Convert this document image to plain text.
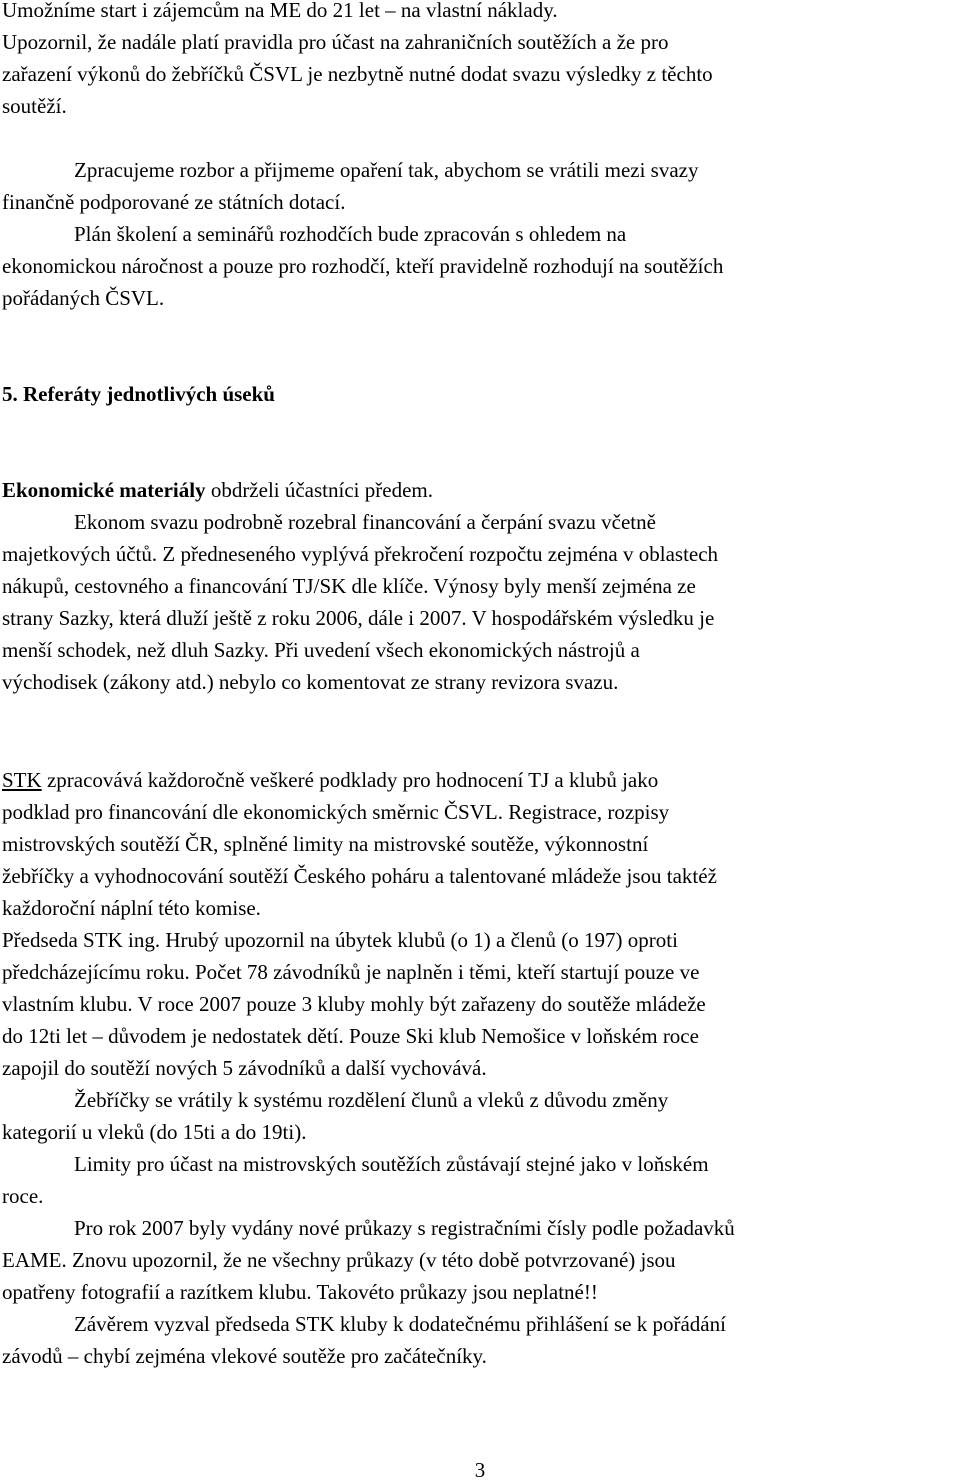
Umožníme start i zájemcům na ME do 21 let – na vlastní náklady.
Upozornil, že nadále platí pravidla pro účast na zahraničních soutěžích a že pro
zařazení výkonů do žebříčků ČSVL je nezbytně nutné dodat svazu výsledky z těchto
soutěží.
Zpracujeme rozbor a přijmeme opaření tak, abychom se vrátili mezi svazy
finančně podporované ze státních dotací.
Plán školení a seminářů rozhodčích bude zpracován s ohledem na
ekonomickou náročnost a pouze pro rozhodčí, kteří pravidelně rozhodují na soutěžích
pořádaných ČSVL.
5. Referáty jednotlivých úseků
Ekonomické materiály obdrželi účastníci předem.
Ekonom svazu podrobně rozebral financování a čerpání svazu včetně
majetkových účtů. Z předneseného vyplývá překročení rozpočtu zejména v oblastech
nákupů, cestovného a financování TJ/SK dle klíče. Výnosy byly menší zejména ze
strany Sazky, která dluží ještě z roku 2006, dále i 2007. V hospodářském výsledku je
menší schodek, než dluh Sazky. Při uvedení všech ekonomických nástrojů a
východisek (zákony atd.) nebylo co komentovat ze strany revizora svazu.
STK zpracovává každoročně veškeré podklady pro hodnocení TJ a klubů jako
podklad pro financování dle ekonomických směrnic ČSVL. Registrace, rozpisy
mistrovských soutěží ČR, splněné limity na mistrovské soutěže, výkonnostní
žebříčky a vyhodnocování soutěží Českého poháru a talentované mládeže jsou taktéž
každoroční náplní této komise.
Předseda STK ing. Hrubý upozornil na úbytek klubů (o 1) a členů (o 197) oproti
předcházejícímu roku. Počet 78 závodníků je naplněn i těmi, kteří startují pouze ve
vlastním klubu. V roce 2007 pouze 3 kluby mohly být zařazeny do soutěže mládeže
do 12ti let – důvodem je nedostatek dětí. Pouze Ski klub Nemošice v loňském roce
zapojil do soutěží nových 5 závodníků a další vychovává.
Žebříčky se vrátily k systému rozdělení člunů a vleků z důvodu změny
kategorií u vleků (do 15ti a do 19ti).
Limity pro účast na mistrovských soutěžích zůstávají stejné jako v loňském
roce.
Pro rok 2007 byly vydány nové průkazy s registračními čísly podle požadavků
EAME. Znovu upozornil, že ne všechny průkazy (v této době potvrzované) jsou
opatřeny fotografií a razítkem klubu. Takovéto průkazy jsou neplatné!!
Závěrem vyzval předseda STK kluby k dodatečnému přihlášení se k pořádání
závodů – chybí zejména vlekové soutěže pro začátečníky.
3
